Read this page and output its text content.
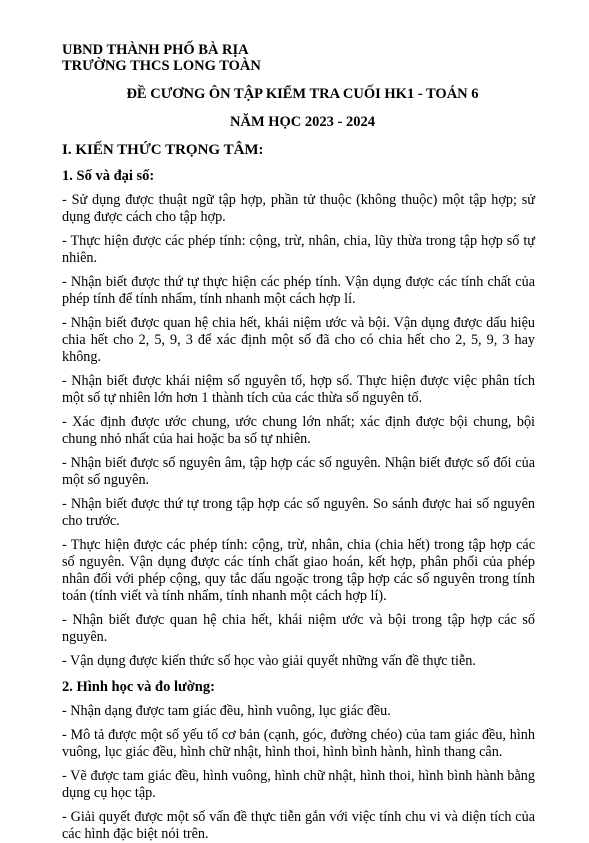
UBND THÀNH PHỐ BÀ RỊA

TRƯỜNG THCS LONG TOÀN

ĐỀ CƯƠNG ÔN TẬP KIỂM TRA CUỐI HK1 - TOÁN 6

NĂM HỌC 2023 - 2024

I. KIẾN THỨC TRỌNG TÂM:

1. Số và đại số:

- Sử dụng được thuật ngữ tập hợp, phần tử thuộc (không thuộc) một tập hợp; sử dụng được cách cho tập hợp.

- Thực hiện được các phép tính: cộng, trừ, nhân, chia, lũy thừa trong tập hợp số tự nhiên.

- Nhận biết được thứ tự thực hiện các phép tính. Vận dụng được các tính chất của phép tính để tính nhẩm, tính nhanh một cách hợp lí.

- Nhận biết được quan hệ chia hết, khái niệm ước và bội. Vận dụng được dấu hiệu chia hết cho 2, 5, 9, 3 để xác định một số đã cho có chia hết cho 2, 5, 9, 3 hay không.

- Nhận biết được khái niệm số nguyên tố, hợp số. Thực hiện được việc phân tích một số tự nhiên lớn hơn 1 thành tích của các thừa số nguyên tố.

- Xác định được ước chung, ước chung lớn nhất; xác định được bội chung, bội chung nhỏ nhất của hai hoặc ba số tự nhiên.

- Nhận biết được số nguyên âm, tập hợp các số nguyên. Nhận biết được số đối của một số nguyên.

- Nhận biết được thứ tự trong tập hợp các số nguyên. So sánh được hai số nguyên cho trước.

- Thực hiện được các phép tính: cộng, trừ, nhân, chia (chia hết) trong tập hợp các số nguyên. Vận dụng được các tính chất giao hoán, kết hợp, phân phối của phép nhân đối với phép cộng, quy tắc dấu ngoặc trong tập hợp các số nguyên trong tính toán (tính viết và tính nhẩm, tính nhanh một cách hợp lí).

- Nhận biết được quan hệ chia hết, khái niệm ước và bội trong tập hợp các số nguyên.

- Vận dụng được kiến thức số học vào giải quyết những vấn đề thực tiễn.

2. Hình học và đo lường:

- Nhận dạng được tam giác đều, hình vuông, lục giác đều.

- Mô tả được một số yếu tố cơ bản (cạnh, góc, đường chéo) của tam giác đều, hình vuông, lục giác đều, hình chữ nhật, hình thoi, hình bình hành, hình thang cân.

- Vẽ được tam giác đều, hình vuông, hình chữ nhật, hình thoi, hình bình hành bằng dụng cụ học tập.

- Giải quyết được một số vấn đề thực tiễn gắn với việc tính chu vi và diện tích của các hình đặc biệt nói trên.
